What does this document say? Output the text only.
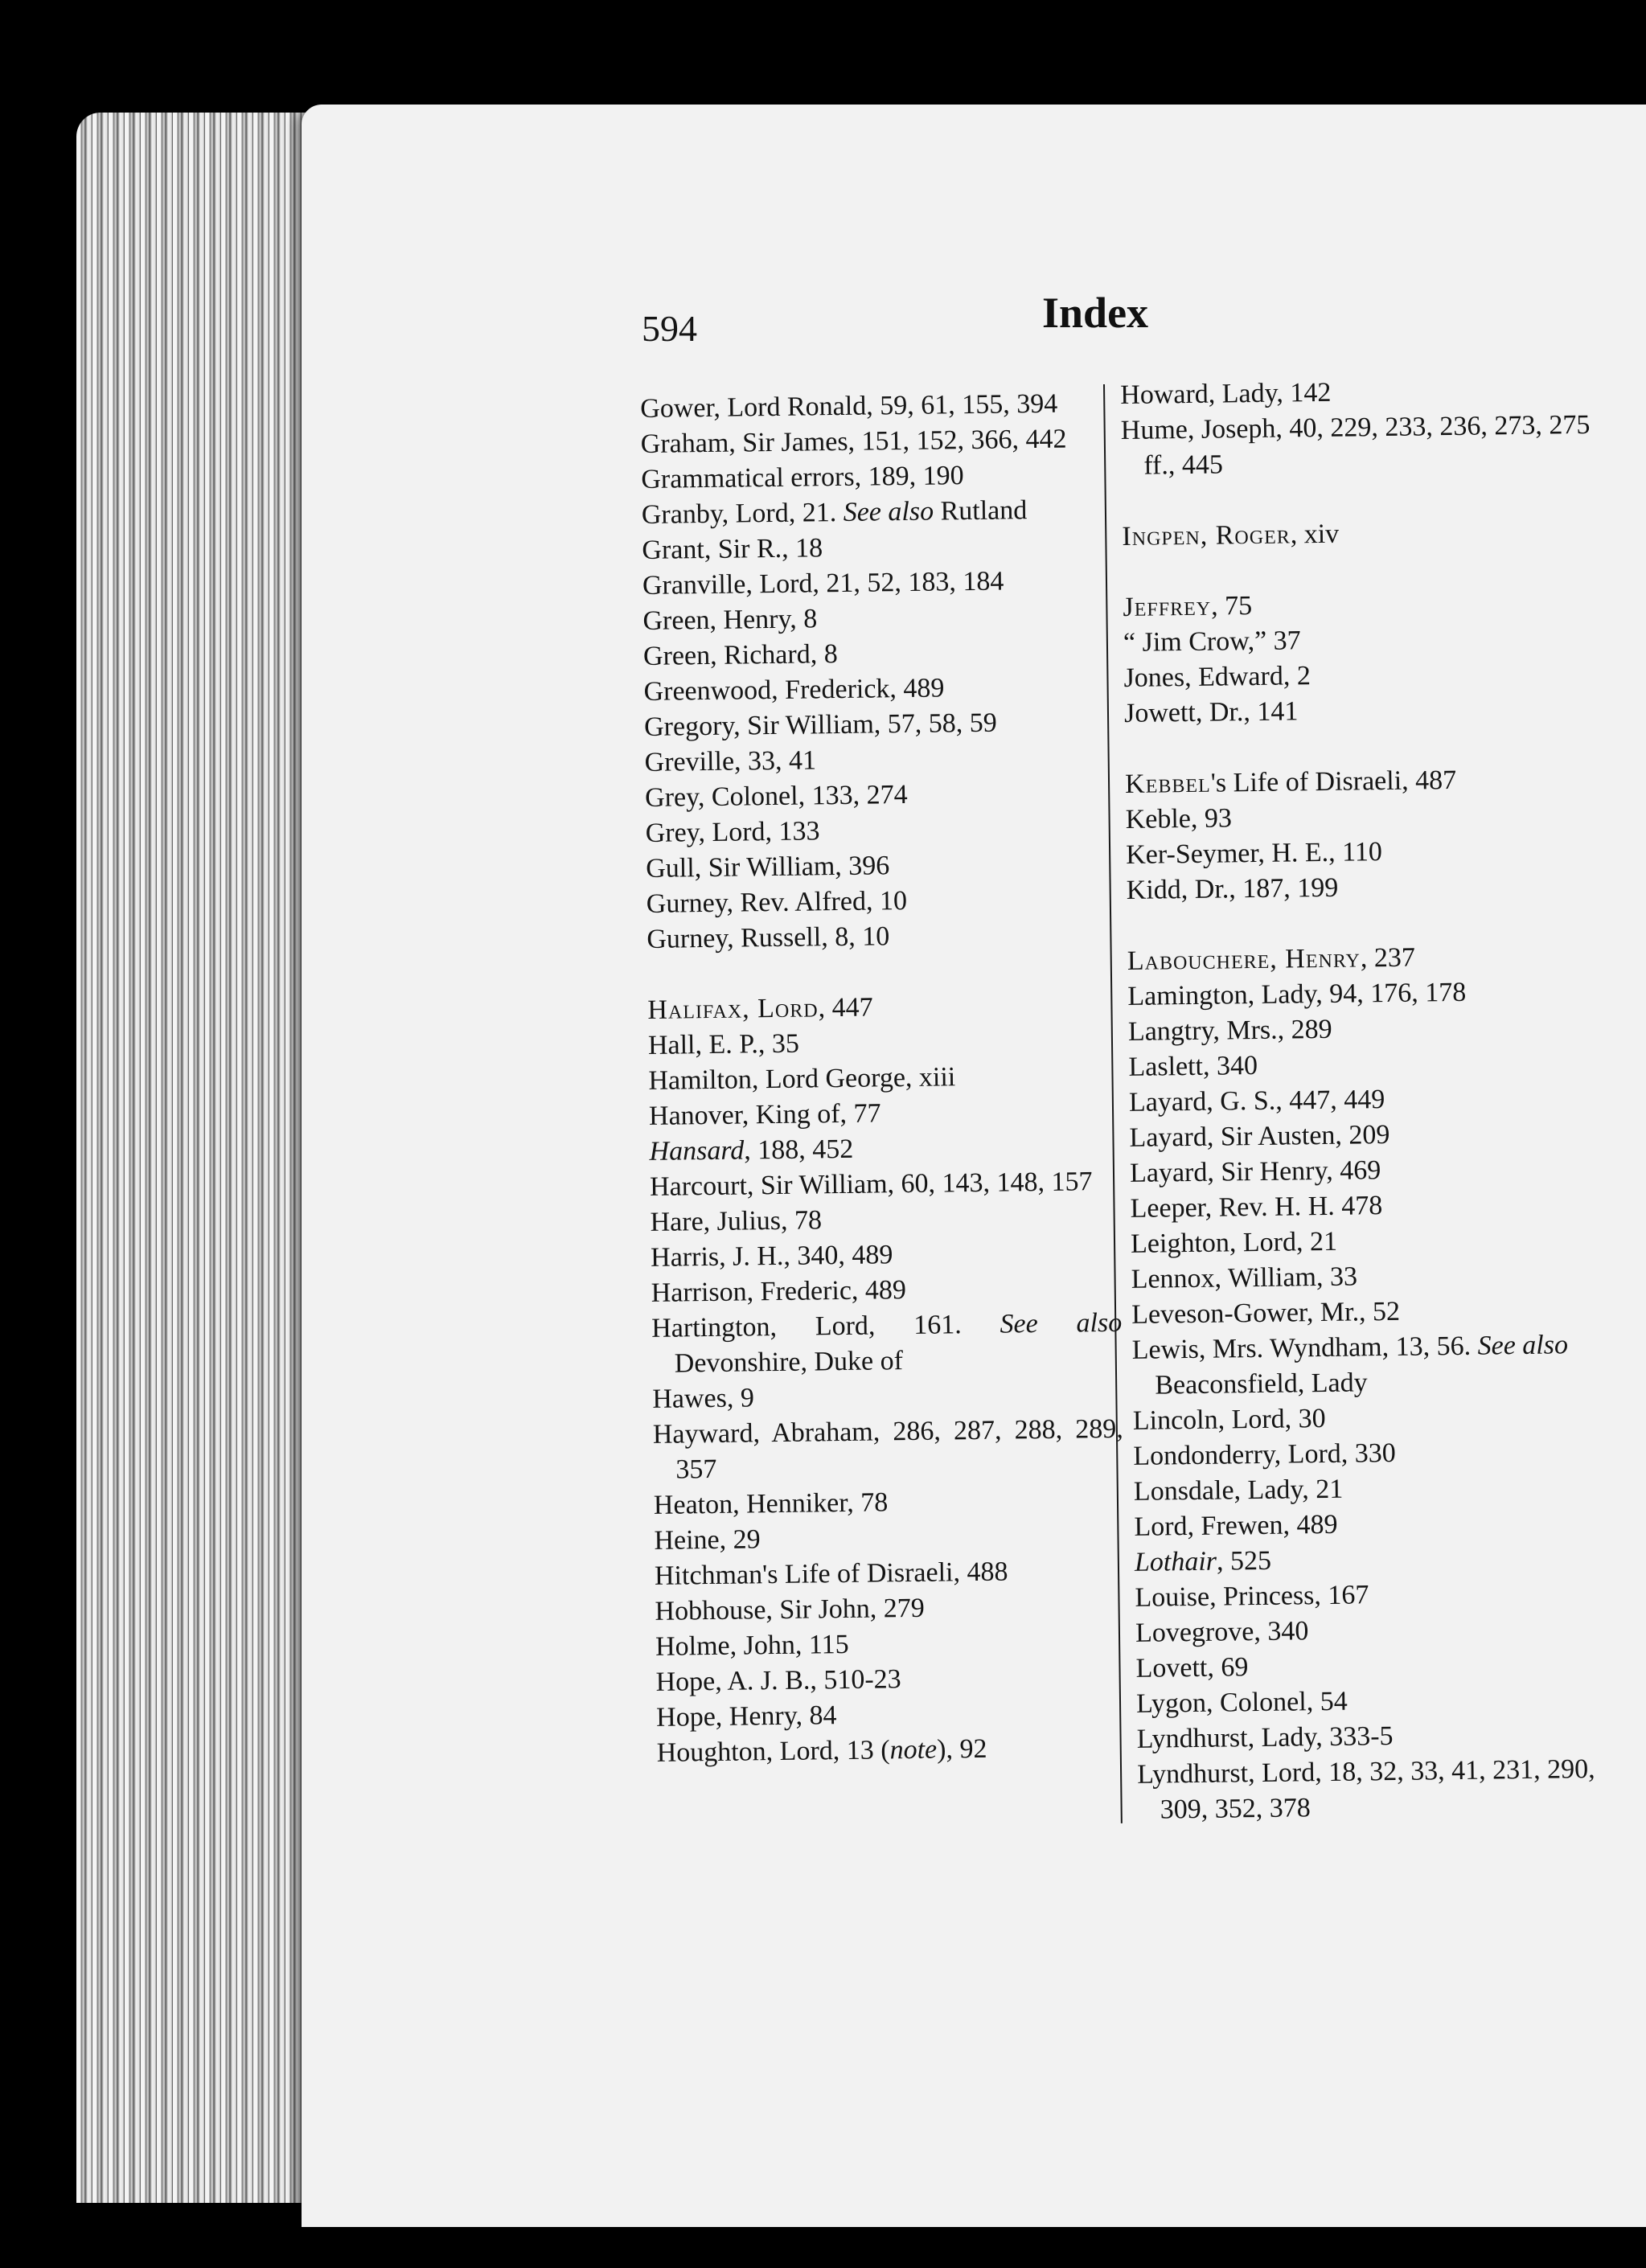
594	Index
Gower, Lord Ronald, 59, 61, 155, 394
Graham, Sir James, 151, 152, 366, 442
Grammatical errors, 189, 190
Granby, Lord, 21. See also Rutland
Grant, Sir R., 18
Granville, Lord, 21, 52, 183, 184
Green, Henry, 8
Green, Richard, 8
Greenwood, Frederick, 489
Gregory, Sir William, 57, 58, 59
Greville, 33, 41
Grey, Colonel, 133, 274
Grey, Lord, 133
Gull, Sir William, 396
Gurney, Rev. Alfred, 10
Gurney, Russell, 8, 10
Halifax, Lord, 447
Hall, E. P., 35
Hamilton, Lord George, xiii
Hanover, King of, 77
Hansard, 188, 452
Harcourt, Sir William, 60, 143, 148, 157
Hare, Julius, 78
Harris, J. H., 340, 489
Harrison, Frederic, 489
Hartington, Lord, 161. See also Devonshire, Duke of
Hawes, 9
Hayward, Abraham, 286, 287, 288, 289, 357
Heaton, Henniker, 78
Heine, 29
Hitchman's Life of Disraeli, 488
Hobhouse, Sir John, 279
Holme, John, 115
Hope, A. J. B., 510-23
Hope, Henry, 84
Houghton, Lord, 13 (note), 92
Howard, Lady, 142
Hume, Joseph, 40, 229, 233, 236, 273, 275 ff., 445
Ingpen, Roger, xiv
Jeffrey, 75
“ Jim Crow,” 37
Jones, Edward, 2
Jowett, Dr., 141
Kebbel's Life of Disraeli, 487
Keble, 93
Ker-Seymer, H. E., 110
Kidd, Dr., 187, 199
Labouchere, Henry, 237
Lamington, Lady, 94, 176, 178
Langtry, Mrs., 289
Laslett, 340
Layard, G. S., 447, 449
Layard, Sir Austen, 209
Layard, Sir Henry, 469
Leeper, Rev. H. H. 478
Leighton, Lord, 21
Lennox, William, 33
Leveson-Gower, Mr., 52
Lewis, Mrs. Wyndham, 13, 56. See also Beaconsfield, Lady
Lincoln, Lord, 30
Londonderry, Lord, 330
Lonsdale, Lady, 21
Lord, Frewen, 489
Lothair, 525
Louise, Princess, 167
Lovegrove, 340
Lovett, 69
Lygon, Colonel, 54
Lyndhurst, Lady, 333-5
Lyndhurst, Lord, 18, 32, 33, 41, 231, 290, 309, 352, 378
